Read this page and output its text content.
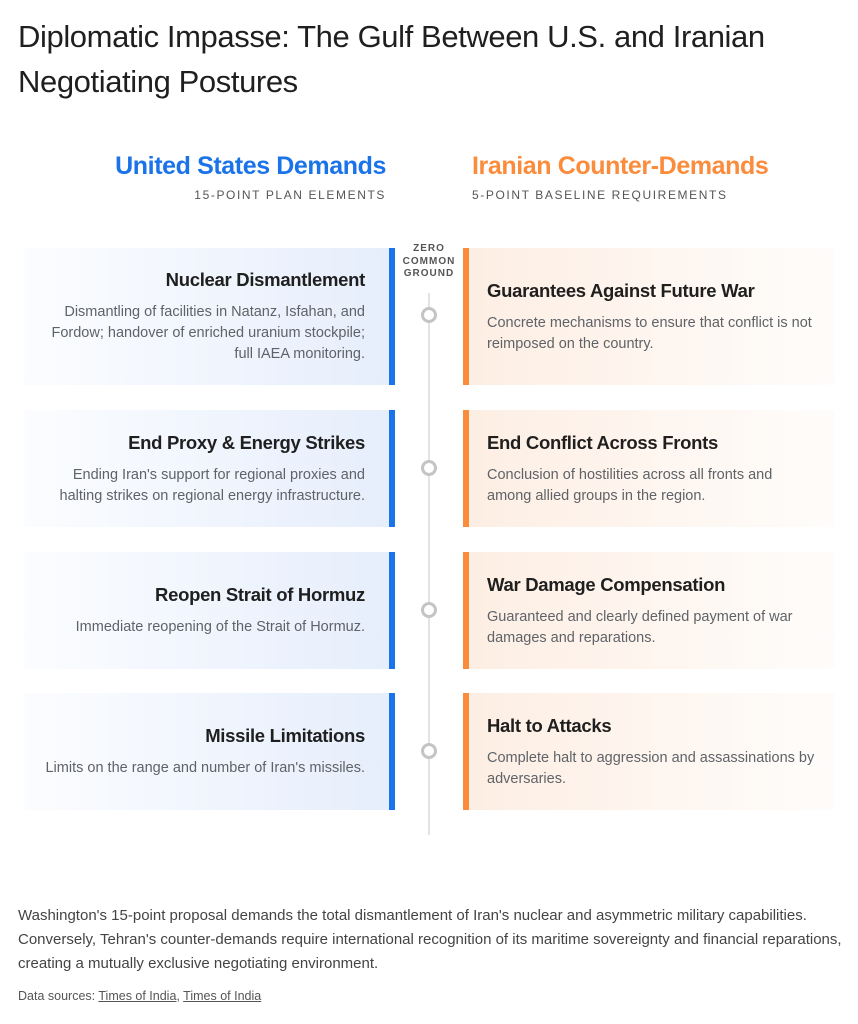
Diplomatic Impasse: The Gulf Between U.S. and Iranian Negotiating Postures
United States Demands
15-POINT PLAN ELEMENTS
Iranian Counter-Demands
5-POINT BASELINE REQUIREMENTS
ZERO COMMON GROUND
Nuclear Dismantlement
Dismantling of facilities in Natanz, Isfahan, and Fordow; handover of enriched uranium stockpile; full IAEA monitoring.
End Proxy & Energy Strikes
Ending Iran's support for regional proxies and halting strikes on regional energy infrastructure.
Reopen Strait of Hormuz
Immediate reopening of the Strait of Hormuz.
Missile Limitations
Limits on the range and number of Iran's missiles.
Guarantees Against Future War
Concrete mechanisms to ensure that conflict is not reimposed on the country.
End Conflict Across Fronts
Conclusion of hostilities across all fronts and among allied groups in the region.
War Damage Compensation
Guaranteed and clearly defined payment of war damages and reparations.
Halt to Attacks
Complete halt to aggression and assassinations by adversaries.
Washington's 15-point proposal demands the total dismantlement of Iran's nuclear and asymmetric military capabilities. Conversely, Tehran's counter-demands require international recognition of its maritime sovereignty and financial reparations, creating a mutually exclusive negotiating environment.
Data sources: Times of India, Times of India
